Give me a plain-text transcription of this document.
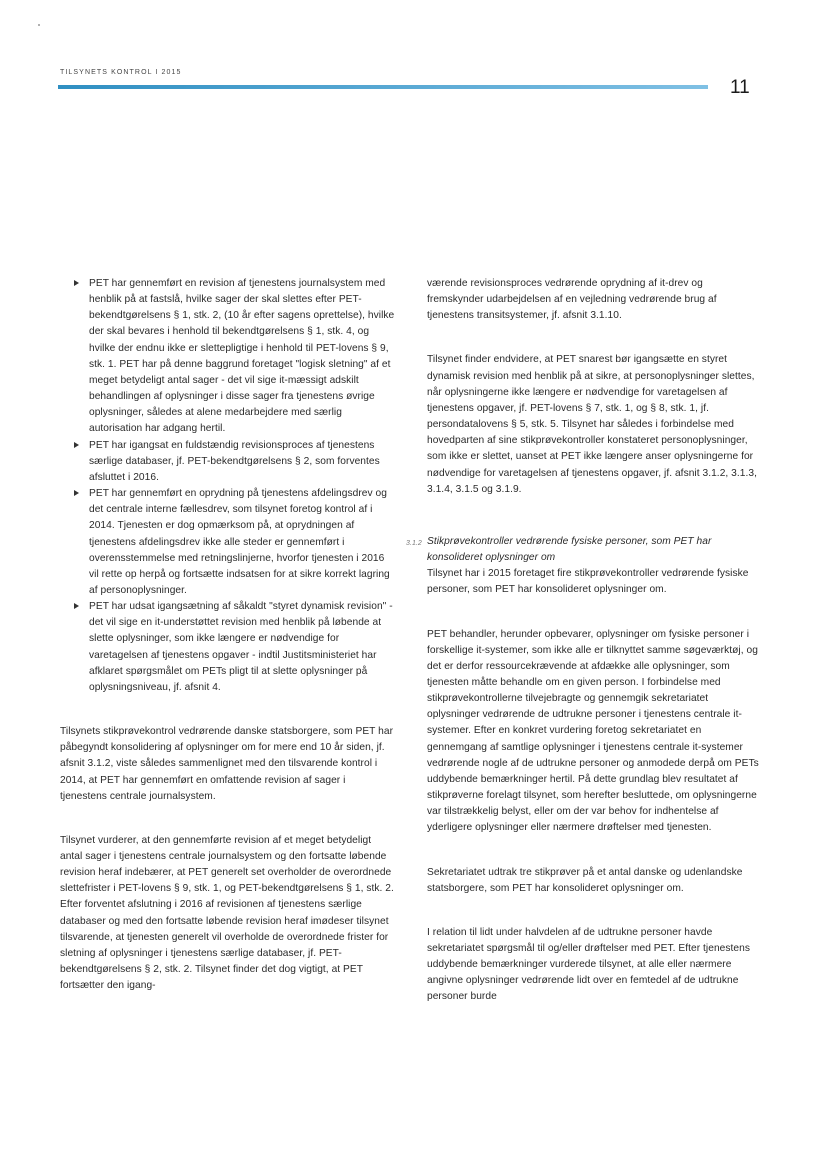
TILSYNETS KONTROL I 2015
11
PET har gennemført en revision af tjenestens journalsystem med henblik på at fastslå, hvilke sager der skal slettes efter PET-bekendtgørelsens § 1, stk. 2, (10 år efter sagens oprettelse), hvilke der skal bevares i henhold til bekendtgørelsens § 1, stk. 4, og hvilke der endnu ikke er slettepligtige i henhold til PET-lovens § 9, stk. 1. PET har på denne baggrund foretaget "logisk sletning" af et meget betydeligt antal sager - det vil sige it-mæssigt adskilt behandlingen af oplysninger i disse sager fra tjenestens øvrige oplysninger, således at alene medarbejdere med særlig autorisation har adgang hertil.
PET har igangsat en fuldstændig revisionsproces af tjenestens særlige databaser, jf. PET-bekendtgørelsens § 2, som forventes afsluttet i 2016.
PET har gennemført en oprydning på tjenestens afdelingsdrev og det centrale interne fællesdrev, som tilsynet foretog kontrol af i 2014. Tjenesten er dog opmærksom på, at oprydningen af tjenestens afdelingsdrev ikke alle steder er gennemført i overensstemmelse med retningslinjerne, hvorfor tjenesten i 2016 vil rette op herpå og fortsætte indsatsen for at sikre korrekt lagring af personoplysninger.
PET har udsat igangsætning af såkaldt "styret dynamisk revision" - det vil sige en it-understøttet revision med henblik på løbende at slette oplysninger, som ikke længere er nødvendige for varetagelsen af tjenestens opgaver - indtil Justitsministeriet har afklaret spørgsmålet om PETs pligt til at slette oplysninger på oplysningsniveau, jf. afsnit 4.

Tilsynets stikprøvekontrol vedrørende danske statsborgere, som PET har påbegyndt konsolidering af oplysninger om for mere end 10 år siden, jf. afsnit 3.1.2, viste således sammenlignet med den tilsvarende kontrol i 2014, at PET har gennemført en omfattende revision af sager i tjenestens centrale journalsystem.

Tilsynet vurderer, at den gennemførte revision af et meget betydeligt antal sager i tjenestens centrale journalsystem og den fortsatte løbende revision heraf indebærer, at PET generelt set overholder de overordnede slettefrister i PET-lovens § 9, stk. 1, og PET-bekendtgørelsens § 1, stk. 2. Efter forventet afslutning i 2016 af revisionen af tjenestens særlige databaser og med den fortsatte løbende revision heraf imødeser tilsynet tilsvarende, at tjenesten generelt vil overholde de overordnede frister for sletning af oplysninger i tjenestens særlige databaser, jf. PET-bekendtgørelsens § 2, stk. 2. Tilsynet finder det dog vigtigt, at PET fortsætter den igang-

værende revisionsproces vedrørende oprydning af it-drev og fremskynder udarbejdelsen af en vejledning vedrørende brug af tjenestens transitsystemer, jf. afsnit 3.1.10.

Tilsynet finder endvidere, at PET snarest bør igangsætte en styret dynamisk revision med henblik på at sikre, at personoplysninger slettes, når oplysningerne ikke længere er nødvendige for varetagelsen af tjenestens opgaver, jf. PET-lovens § 7, stk. 1, og § 8, stk. 1, jf. persondatalovens § 5, stk. 5. Tilsynet har således i forbindelse med hovedparten af sine stikprøvekontroller konstateret personoplysninger, som ikke er slettet, uanset at PET ikke længere anser oplysningerne for nødvendige for varetagelsen af tjenestens opgaver, jf. afsnit 3.1.2, 3.1.3, 3.1.4, 3.1.5 og 3.1.9.

3.1.2 Stikprøvekontroller vedrørende fysiske personer, som PET har konsolideret oplysninger om

Tilsynet har i 2015 foretaget fire stikprøvekontroller vedrørende fysiske personer, som PET har konsolideret oplysninger om.

PET behandler, herunder opbevarer, oplysninger om fysiske personer i forskellige it-systemer, som ikke alle er tilknyttet samme søgeværktøj, og det er derfor ressourcekrævende at afdække alle oplysninger, som tjenesten måtte behandle om en given person. I forbindelse med stikprøvekontrollerne tilvejebragte og gennemgik sekretariatet oplysninger vedrørende de udtrukne personer i tjenestens centrale it-systemer. Efter en konkret vurdering foretog sekretariatet en gennemgang af samtlige oplysninger i tjenestens centrale it-systemer vedrørende nogle af de udtrukne personer og anmodede derpå om PETs uddybende bemærkninger hertil. På dette grundlag blev resultatet af stikprøverne forelagt tilsynet, som herefter besluttede, om oplysningerne var tilstrækkelig belyst, eller om der var behov for indhentelse af yderligere oplysninger eller nærmere drøftelser med tjenesten.

Sekretariatet udtrak tre stikprøver på et antal danske og udenlandske statsborgere, som PET har konsolideret oplysninger om.

I relation til lidt under halvdelen af de udtrukne personer havde sekretariatet spørgsmål til og/eller drøftelser med PET. Efter tjenestens uddybende bemærkninger vurderede tilsynet, at alle eller nærmere angivne oplysninger vedrørende lidt over en femtedel af de udtrukne personer burde
